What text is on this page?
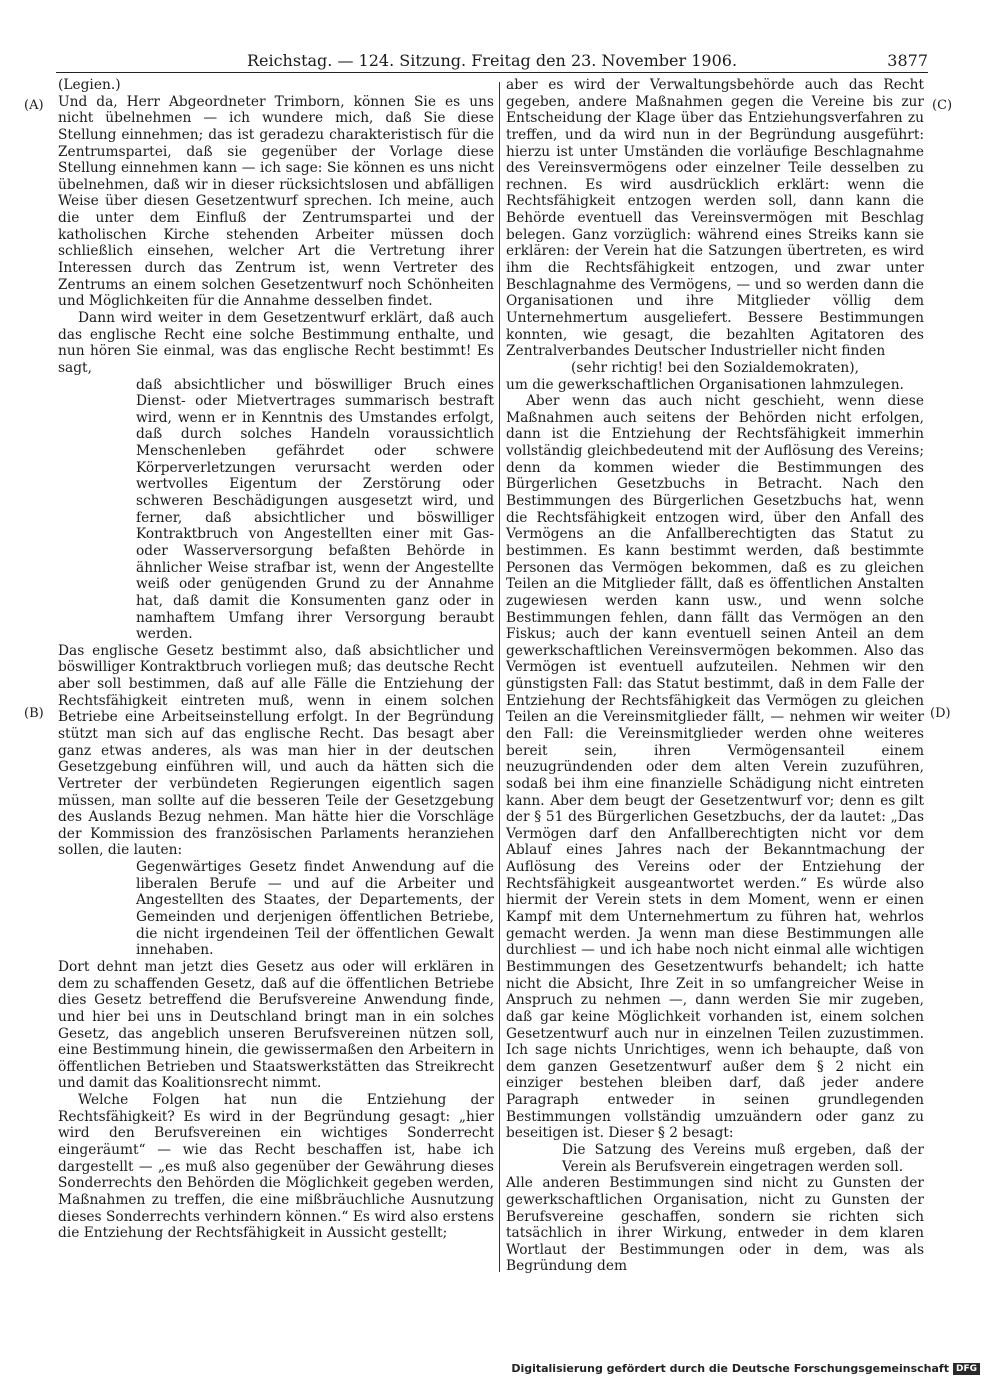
Reichstag. — 124. Sitzung. Freitag den 23. November 1906.	3877
(A)
(B)
(C)
(D)

(Legien.)

Und da, Herr Abgeordneter Trimborn, können Sie es uns nicht übelnehmen — ich wundere mich, daß Sie diese Stellung einnehmen; das ist geradezu charakteristisch für die Zentrumspartei, daß sie gegenüber der Vorlage diese Stellung einnehmen kann — ich sage: Sie können es uns nicht übelnehmen, daß wir in dieser rücksichtslosen und abfälligen Weise über diesen Gesetzentwurf sprechen. Ich meine, auch die unter dem Einfluß der Zentrumspartei und der katholischen Kirche stehenden Arbeiter müssen doch schließlich einsehen, welcher Art die Vertretung ihrer Interessen durch das Zentrum ist, wenn Vertreter des Zentrums an einem solchen Gesetzentwurf noch Schönheiten und Möglichkeiten für die Annahme desselben findet.

Dann wird weiter in dem Gesetzentwurf erklärt, daß auch das englische Recht eine solche Bestimmung enthalte, und nun hören Sie einmal, was das englische Recht bestimmt! Es sagt,

daß absichtlicher und böswilliger Bruch eines Dienst- oder Mietvertrages summarisch bestraft wird, wenn er in Kenntnis des Umstandes erfolgt, daß durch solches Handeln voraussichtlich Menschenleben gefährdet oder schwere Körperverletzungen verursacht werden oder wertvolles Eigentum der Zerstörung oder schweren Beschädigungen ausgesetzt wird, und ferner, daß absichtlicher und böswilliger Kontraktbruch von Angestellten einer mit Gas- oder Wasserversorgung befaßten Behörde in ähnlicher Weise strafbar ist, wenn der Angestellte weiß oder genügenden Grund zu der Annahme hat, daß damit die Konsumenten ganz oder in namhaftem Umfang ihrer Versorgung beraubt werden.

Das englische Gesetz bestimmt also, daß absichtlicher und böswilliger Kontraktbruch vorliegen muß; das deutsche Recht aber soll bestimmen, daß auf alle Fälle die Entziehung der Rechtsfähigkeit eintreten muß, wenn in einem solchen Betriebe eine Arbeitseinstellung erfolgt. In der Begründung stützt man sich auf das englische Recht. Das besagt aber ganz etwas anderes, als was man hier in der deutschen Gesetzgebung einführen will, und auch da hätten sich die Vertreter der verbündeten Regierungen eigentlich sagen müssen, man sollte auf die besseren Teile der Gesetzgebung des Auslands Bezug nehmen. Man hätte hier die Vorschläge der Kommission des französischen Parlaments heranziehen sollen, die lauten:

Gegenwärtiges Gesetz findet Anwendung auf die liberalen Berufe — und auf die Arbeiter und Angestellten des Staates, der Departements, der Gemeinden und derjenigen öffentlichen Betriebe, die nicht irgendeinen Teil der öffentlichen Gewalt innehaben.

Dort dehnt man jetzt dies Gesetz aus oder will erklären in dem zu schaffenden Gesetz, daß auf die öffentlichen Betriebe dies Gesetz betreffend die Berufsvereine Anwendung finde, und hier bei uns in Deutschland bringt man in ein solches Gesetz, das angeblich unseren Berufsvereinen nützen soll, eine Bestimmung hinein, die gewissermaßen den Arbeitern in öffentlichen Betrieben und Staatswerkstätten das Streikrecht und damit das Koalitionsrecht nimmt.

Welche Folgen hat nun die Entziehung der Rechtsfähigkeit? Es wird in der Begründung gesagt: „hier wird den Berufsvereinen ein wichtiges Sonderrecht eingeräumt“ — wie das Recht beschaffen ist, habe ich dargestellt — „es muß also gegenüber der Gewährung dieses Sonderrechts den Behörden die Möglichkeit gegeben werden, Maßnahmen zu treffen, die eine mißbräuchliche Ausnutzung dieses Sonderrechts verhindern können.“ Es wird also erstens die Entziehung der Rechtsfähigkeit in Aussicht gestellt;

aber es wird der Verwaltungsbehörde auch das Recht gegeben, andere Maßnahmen gegen die Vereine bis zur Entscheidung der Klage über das Entziehungsverfahren zu treffen, und da wird nun in der Begründung ausgeführt: hierzu ist unter Umständen die vorläufige Beschlagnahme des Vereinsvermögens oder einzelner Teile desselben zu rechnen. Es wird ausdrücklich erklärt: wenn die Rechtsfähigkeit entzogen werden soll, dann kann die Behörde eventuell das Vereinsvermögen mit Beschlag belegen. Ganz vorzüglich: während eines Streiks kann sie erklären: der Verein hat die Satzungen übertreten, es wird ihm die Rechtsfähigkeit entzogen, und zwar unter Beschlagnahme des Vermögens, — und so werden dann die Organisationen und ihre Mitglieder völlig dem Unternehmertum ausgeliefert. Bessere Bestimmungen konnten, wie gesagt, die bezahlten Agitatoren des Zentralverbandes Deutscher Industrieller nicht finden

(sehr richtig! bei den Sozialdemokraten),

um die gewerkschaftlichen Organisationen lahmzulegen.

Aber wenn das auch nicht geschieht, wenn diese Maßnahmen auch seitens der Behörden nicht erfolgen, dann ist die Entziehung der Rechtsfähigkeit immerhin vollständig gleichbedeutend mit der Auflösung des Vereins; denn da kommen wieder die Bestimmungen des Bürgerlichen Gesetzbuchs in Betracht. Nach den Bestimmungen des Bürgerlichen Gesetzbuchs hat, wenn die Rechtsfähigkeit entzogen wird, über den Anfall des Vermögens an die Anfallberechtigten das Statut zu bestimmen. Es kann bestimmt werden, daß bestimmte Personen das Vermögen bekommen, daß es zu gleichen Teilen an die Mitglieder fällt, daß es öffentlichen Anstalten zugewiesen werden kann usw., und wenn solche Bestimmungen fehlen, dann fällt das Vermögen an den Fiskus; auch der kann eventuell seinen Anteil an dem gewerkschaftlichen Vereinsvermögen bekommen. Also das Vermögen ist eventuell aufzuteilen. Nehmen wir den günstigsten Fall: das Statut bestimmt, daß in dem Falle der Entziehung der Rechtsfähigkeit das Vermögen zu gleichen Teilen an die Vereinsmitglieder fällt, — nehmen wir weiter den Fall: die Vereinsmitglieder werden ohne weiteres bereit sein, ihren Vermögensanteil einem neuzugründenden oder dem alten Verein zuzuführen, sodaß bei ihm eine finanzielle Schädigung nicht eintreten kann. Aber dem beugt der Gesetzentwurf vor; denn es gilt der § 51 des Bürgerlichen Gesetzbuchs, der da lautet: „Das Vermögen darf den Anfallberechtigten nicht vor dem Ablauf eines Jahres nach der Bekanntmachung der Auflösung des Vereins oder der Entziehung der Rechtsfähigkeit ausgeantwortet werden.“ Es würde also hiermit der Verein stets in dem Moment, wenn er einen Kampf mit dem Unternehmertum zu führen hat, wehrlos gemacht werden. Ja wenn man diese Bestimmungen alle durchliest — und ich habe noch nicht einmal alle wichtigen Bestimmungen des Gesetzentwurfs behandelt; ich hatte nicht die Absicht, Ihre Zeit in so umfangreicher Weise in Anspruch zu nehmen —, dann werden Sie mir zugeben, daß gar keine Möglichkeit vorhanden ist, einem solchen Gesetzentwurf auch nur in einzelnen Teilen zuzustimmen. Ich sage nichts Unrichtiges, wenn ich behaupte, daß von dem ganzen Gesetzentwurf außer dem § 2 nicht ein einziger bestehen bleiben darf, daß jeder andere Paragraph entweder in seinen grundlegenden Bestimmungen vollständig umzuändern oder ganz zu beseitigen ist. Dieser § 2 besagt:

Die Satzung des Vereins muß ergeben, daß der Verein als Berufsverein eingetragen werden soll.

Alle anderen Bestimmungen sind nicht zu Gunsten der gewerkschaftlichen Organisation, nicht zu Gunsten der Berufsvereine geschaffen, sondern sie richten sich tatsächlich in ihrer Wirkung, entweder in dem klaren Wortlaut der Bestimmungen oder in dem, was als Begründung dem

Digitalisierung gefördert durch die Deutsche Forschungsgemeinschaft DFG
